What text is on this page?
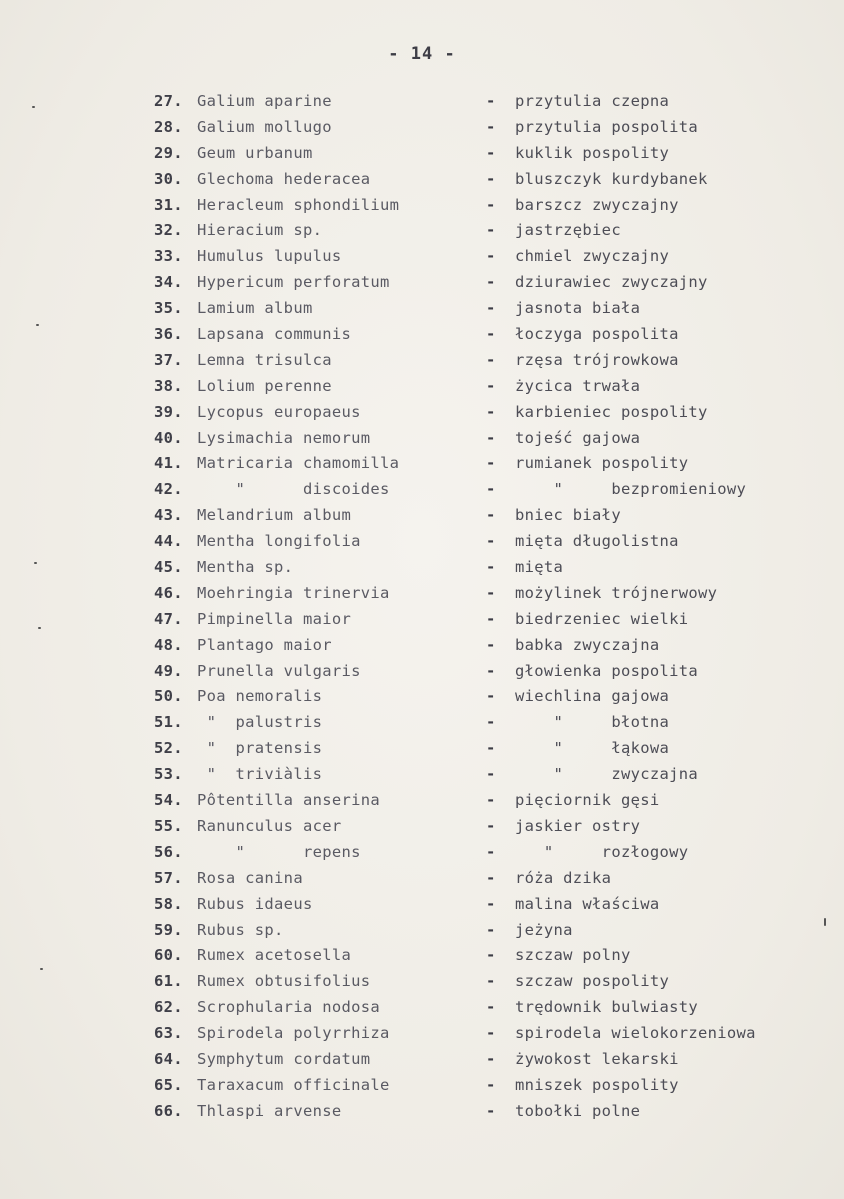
- 14 -
27. Galium aparine	- przytulia czepna
28. Galium mollugo	- przytulia pospolita
29. Geum urbanum	- kuklik pospolity
30. Glechoma hederacea	- bluszczyk kurdybanek
31. Heracleum sphondilium	- barszcz zwyczajny
32. Hieracium sp.	- jastrzębiec
33. Humulus lupulus	- chmiel zwyczajny
34. Hypericum perforatum	- dziurawiec zwyczajny
35. Lamium album	- jasnota biała
36. Lapsana communis	- łoczyga pospolita
37. Lemna trisulca	- rzęsa trójrowkowa
38. Lolium perenne	- życica trwała
39. Lycopus europaeus	- karbieniec pospolity
40. Lysimachia nemorum	- tojeść gajowa
41. Matricaria chamomilla	- rumianek pospolity
42. "      discoides	- "     bezpromieniowy
43. Melandrium album	- bniec biały
44. Mentha longifolia	- mięta długolistna
45. Mentha sp.	- mięta
46. Moehringia trinervia	- możylinek trójnerwowy
47. Pimpinella maior	- biedrzeniec wielki
48. Plantago maior	- babka zwyczajna
49. Prunella vulgaris	- głowienka pospolita
50. Poa nemoralis	- wiechlina gajowa
51. "  palustris	- "     błotna
52. "  pratensis	- "     łąkowa
53. "  triviàlis	- "     zwyczajna
54. Pôtentilla anserina	- pięciornik gęsi
55. Ranunculus acer	- jaskier ostry
56. "      repens	- "     rozłogowy
57. Rosa canina	- róża dzika
58. Rubus idaeus	- malina właściwa
59. Rubus sp.	- jeżyna
60. Rumex acetosella	- szczaw polny
61. Rumex obtusifolius	- szczaw pospolity
62. Scrophularia nodosa	- trędownik bulwiasty
63. Spirodela polyrrhiza	- spirodela wielokorzeniowa
64. Symphytum cordatum	- żywokost lekarski
65. Taraxacum officinale	- mniszek pospolity
66. Thlaspi arvense	- tobołki polne
